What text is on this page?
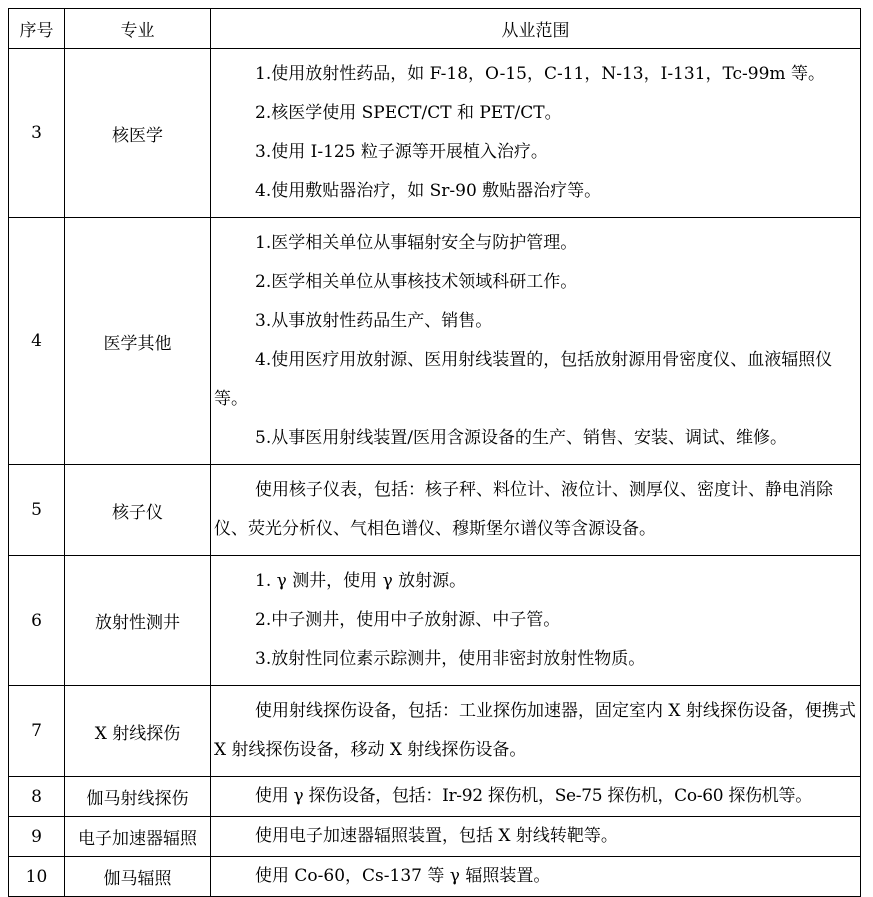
序号	专业	从业范围
3	核医学	1.使用放射性药品，如 F-18，O-15，C-11，N-13，I-131，Tc-99m 等。
2.核医学使用 SPECT/CT 和 PET/CT。
3.使用 I-125 粒子源等开展植入治疗。
4.使用敷贴器治疗，如 Sr-90 敷贴器治疗等。

4	医学其他	1.医学相关单位从事辐射安全与防护管理。
2.医学相关单位从事核技术领域科研工作。
3.从事放射性药品生产、销售。
4.使用医疗用放射源、医用射线装置的，包括放射源用骨密度仪、血液辐照仪等。
5.从事医用射线装置/医用含源设备的生产、销售、安装、调试、维修。

5	核子仪	使用核子仪表，包括：核子秤、料位计、液位计、测厚仪、密度计、静电消除仪、荧光分析仪、气相色谱仪、穆斯堡尔谱仪等含源设备。

6	放射性测井	1. γ 测井，使用 γ 放射源。
2.中子测井，使用中子放射源、中子管。
3.放射性同位素示踪测井，使用非密封放射性物质。

7	X 射线探伤	使用射线探伤设备，包括：工业探伤加速器，固定室内 X 射线探伤设备，便携式 X 射线探伤设备，移动 X 射线探伤设备。

8	伽马射线探伤	使用 γ 探伤设备，包括：Ir-92 探伤机，Se-75 探伤机，Co-60 探伤机等。

9	电子加速器辐照	使用电子加速器辐照装置，包括 X 射线转靶等。

10	伽马辐照	使用 Co-60，Cs-137 等 γ 辐照装置。
